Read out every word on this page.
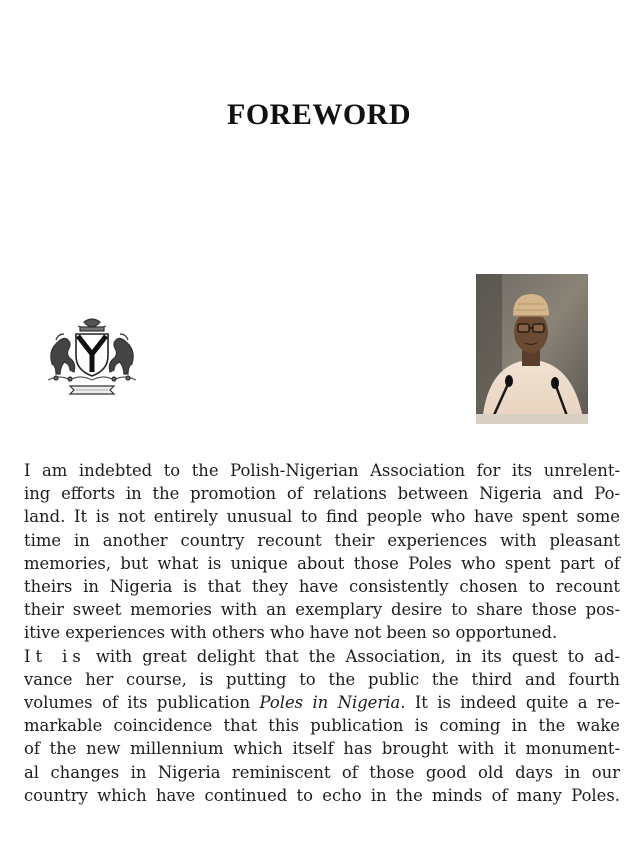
FOREWORD
I am indebted to the Polish-Nigerian Association for its unrelent-
ing efforts in the promotion of relations between Nigeria and Po-
land. It is not entirely unusual to find people who have spent some
time in another country recount their experiences with pleasant
memories, but what is unique about those Poles who spent part of
theirs in Nigeria is that they have consistently chosen to recount
their sweet memories with an exemplary desire to share those pos-
itive experiences with others who have not been so opportuned.
It is with great delight that the Association, in its quest to ad-
vance her course, is putting to the public the third and fourth
volumes of its publication Poles in Nigeria. It is indeed quite a re-
markable coincidence that this publication is coming in the wake
of the new millennium which itself has brought with it monument-
al changes in Nigeria reminiscent of those good old days in our
country which have continued to echo in the minds of many Poles.
